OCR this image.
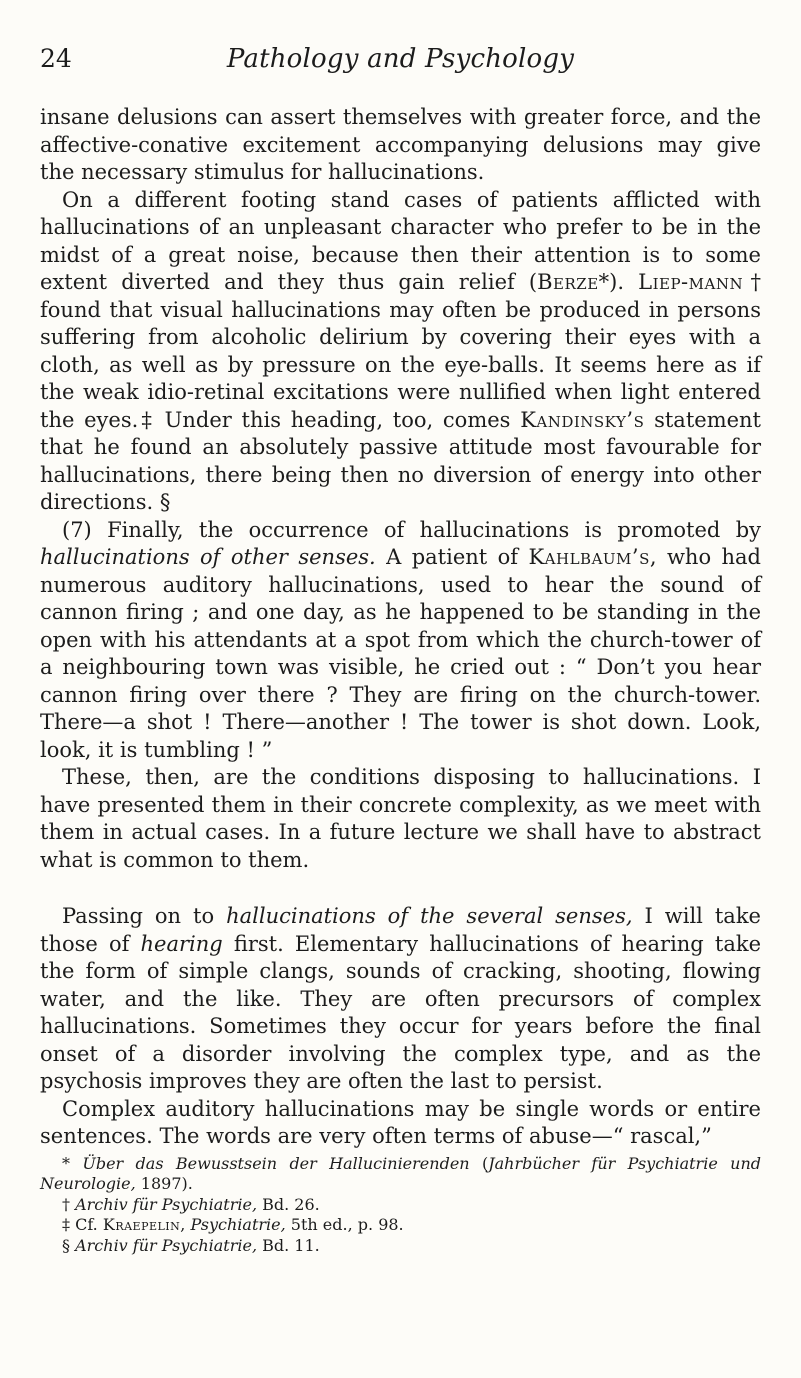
24	Pathology and Psychology

insane delusions can assert themselves with greater force, and the affective-conative excitement accompanying delusions may give the necessary stimulus for hallucinations.

On a different footing stand cases of patients afflicted with hallucinations of an unpleasant character who prefer to be in the midst of a great noise, because then their attention is to some extent diverted and they thus gain relief (Berze*). Liep-mann† found that visual hallucinations may often be produced in persons suffering from alcoholic delirium by covering their eyes with a cloth, as well as by pressure on the eye-balls. It seems here as if the weak idio-retinal excitations were nullified when light entered the eyes.‡ Under this heading, too, comes Kandinsky’s statement that he found an absolutely passive attitude most favourable for hallucinations, there being then no diversion of energy into other directions. §

(7) Finally, the occurrence of hallucinations is promoted by hallucinations of other senses. A patient of Kahlbaum’s, who had numerous auditory hallucinations, used to hear the sound of cannon firing ; and one day, as he happened to be standing in the open with his attendants at a spot from which the church-tower of a neighbouring town was visible, he cried out : “ Don’t you hear cannon firing over there ? They are firing on the church-tower. There—a shot ! There—another ! The tower is shot down. Look, look, it is tumbling ! ”

These, then, are the conditions disposing to hallucinations. I have presented them in their concrete complexity, as we meet with them in actual cases. In a future lecture we shall have to abstract what is common to them.

Passing on to hallucinations of the several senses, I will take those of hearing first. Elementary hallucinations of hearing take the form of simple clangs, sounds of cracking, shooting, flowing water, and the like. They are often precursors of complex hallucinations. Sometimes they occur for years before the final onset of a disorder involving the complex type, and as the psychosis improves they are often the last to persist.

Complex auditory hallucinations may be single words or entire sentences. The words are very often terms of abuse—“ rascal,”

* Über das Bewusstsein der Hallucinierenden (Jahrbücher für Psychiatrie und Neurologie, 1897).

† Archiv für Psychiatrie, Bd. 26.

‡ Cf. Kraepelin, Psychiatrie, 5th ed., p. 98.

§ Archiv für Psychiatrie, Bd. 11.
